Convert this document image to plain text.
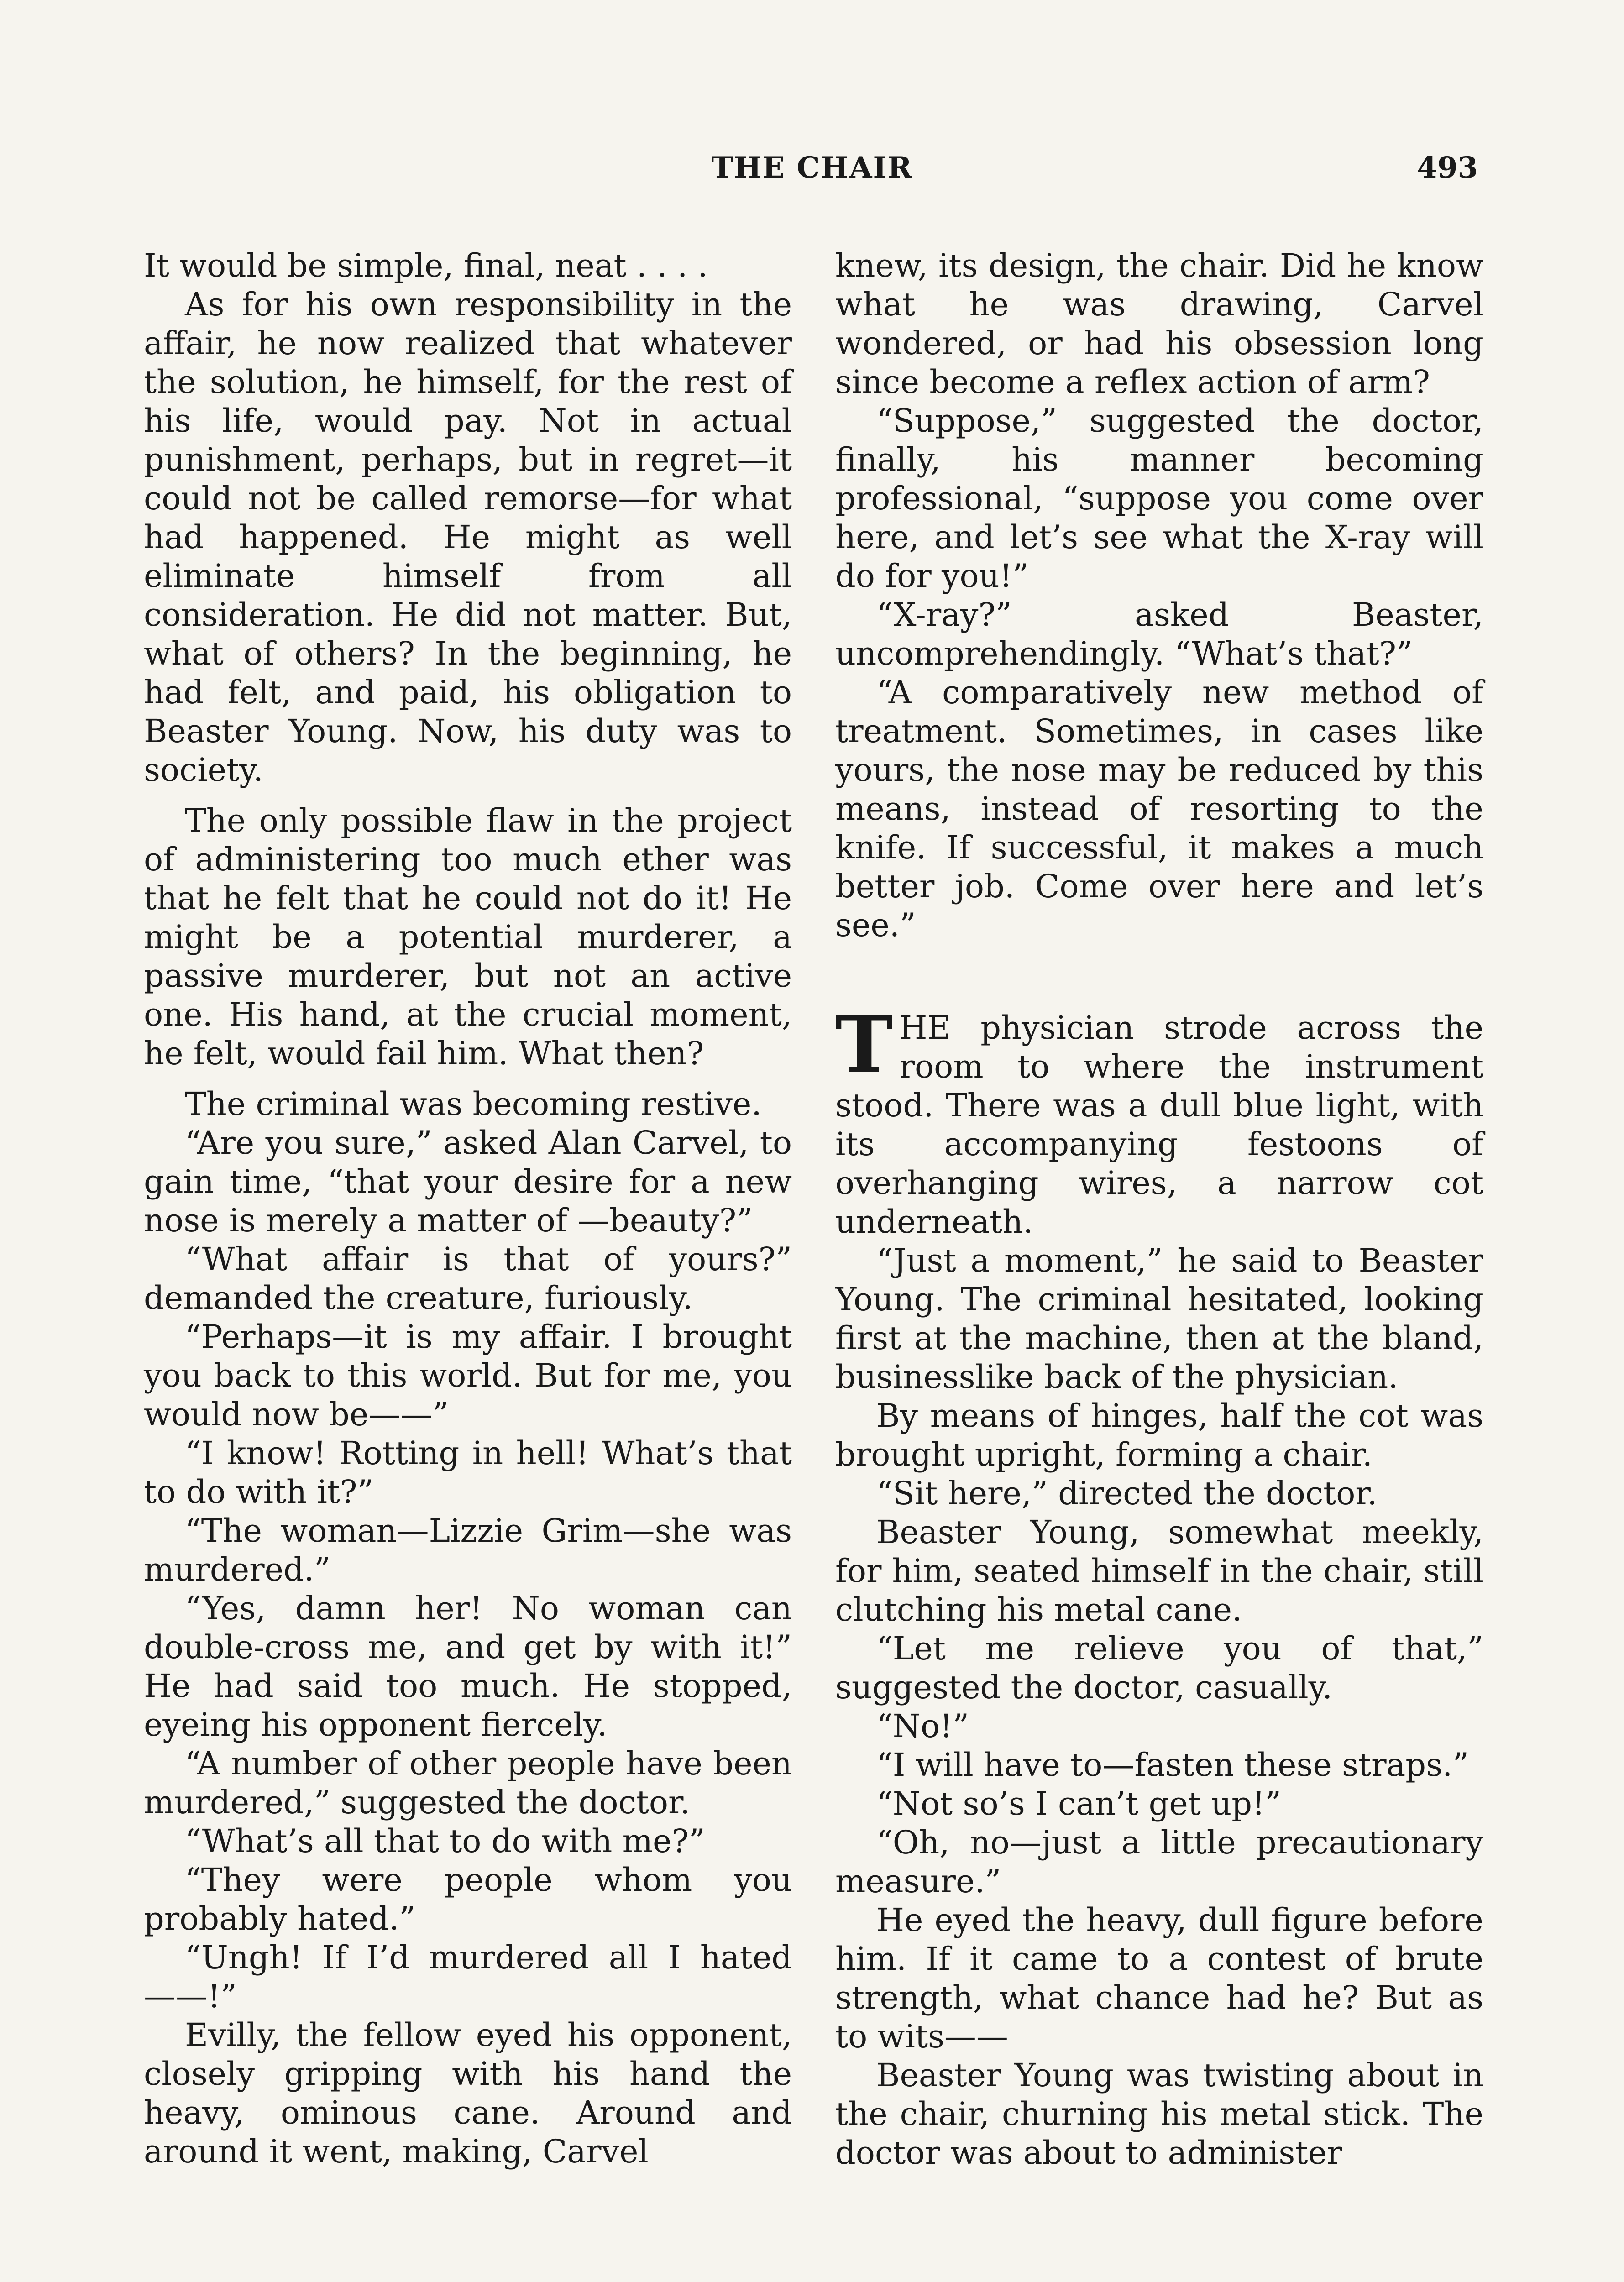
THE CHAIR	493

It would be simple, final, neat . . . .

As for his own responsibility in the affair, he now realized that whatever the solution, he himself, for the rest of his life, would pay. Not in actual punishment, perhaps, but in regret—it could not be called remorse—for what had happened. He might as well eliminate himself from all consideration. He did not matter. But, what of others? In the beginning, he had felt, and paid, his obligation to Beaster Young. Now, his duty was to society.

The only possible flaw in the project of administering too much ether was that he felt that he could not do it! He might be a potential murderer, a passive murderer, but not an active one. His hand, at the crucial moment, he felt, would fail him. What then?

The criminal was becoming restive.

“Are you sure,” asked Alan Carvel, to gain time, “that your desire for a new nose is merely a matter of —beauty?”

“What affair is that of yours?” demanded the creature, furiously.

“Perhaps—it is my affair. I brought you back to this world. But for me, you would now be——”

“I know! Rotting in hell! What’s that to do with it?”

“The woman—Lizzie Grim—she was murdered.”

“Yes, damn her! No woman can double-cross me, and get by with it!” He had said too much. He stopped, eyeing his opponent fiercely.

“A number of other people have been murdered,” suggested the doctor.

“What’s all that to do with me?”

“They were people whom you probably hated.”

“Ungh! If I’d murdered all I hated——!”

Evilly, the fellow eyed his opponent, closely gripping with his hand the heavy, ominous cane. Around and around it went, making, Carvel

knew, its design, the chair. Did he know what he was drawing, Carvel wondered, or had his obsession long since become a reflex action of arm?

“Suppose,” suggested the doctor, finally, his manner becoming professional, “suppose you come over here, and let’s see what the X-ray will do for you!”

“X-ray?” asked Beaster, uncomprehendingly. “What’s that?”

“A comparatively new method of treatment. Sometimes, in cases like yours, the nose may be reduced by this means, instead of resorting to the knife. If successful, it makes a much better job. Come over here and let’s see.”

THE physician strode across the room to where the instrument stood. There was a dull blue light, with its accompanying festoons of overhanging wires, a narrow cot underneath.

“Just a moment,” he said to Beaster Young. The criminal hesitated, looking first at the machine, then at the bland, businesslike back of the physician.

By means of hinges, half the cot was brought upright, forming a chair.

“Sit here,” directed the doctor.

Beaster Young, somewhat meekly, for him, seated himself in the chair, still clutching his metal cane.

“Let me relieve you of that,” suggested the doctor, casually.

“No!”

“I will have to—fasten these straps.”

“Not so’s I can’t get up!”

“Oh, no—just a little precautionary measure.”

He eyed the heavy, dull figure before him. If it came to a contest of brute strength, what chance had he? But as to wits——

Beaster Young was twisting about in the chair, churning his metal stick. The doctor was about to administer
